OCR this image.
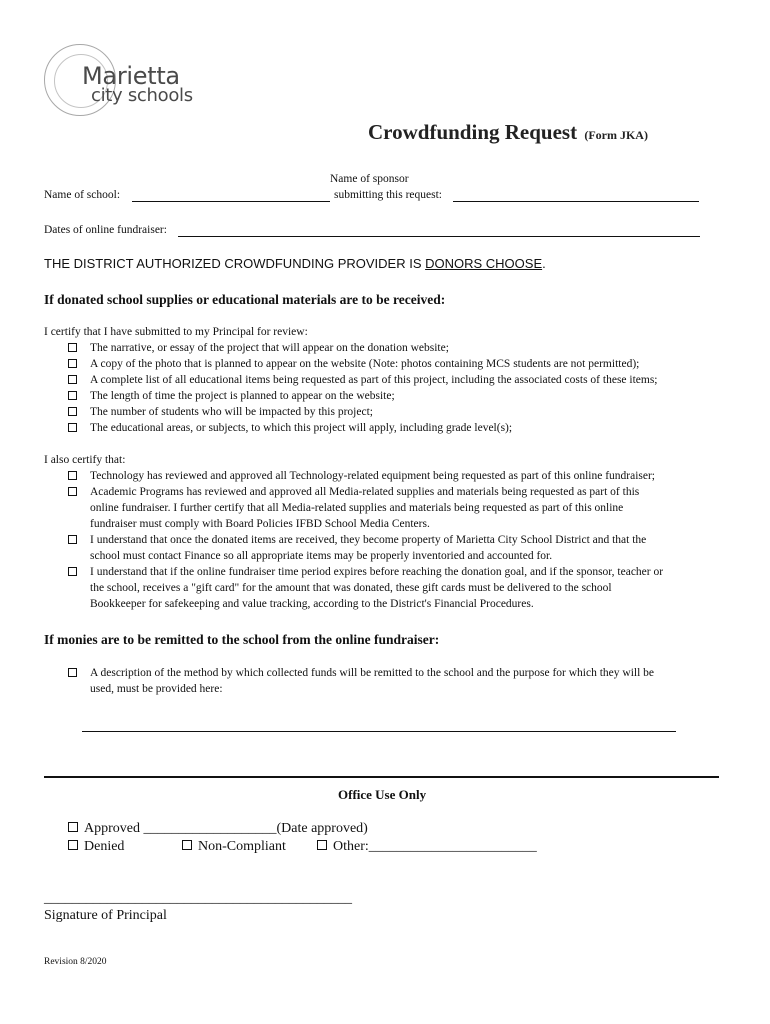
Marietta
city schools
Crowdfunding Request (Form JKA)
Name of sponsor
Name of school:	submitting this request:
Dates of online fundraiser:
THE DISTRICT AUTHORIZED CROWDFUNDING PROVIDER IS DONORS CHOOSE.
If donated school supplies or educational materials are to be received:
I certify that I have submitted to my Principal for review:
The narrative, or essay of the project that will appear on the donation website;
A copy of the photo that is planned to appear on the website (Note: photos containing MCS students are not permitted);
A complete list of all educational items being requested as part of this project, including the associated costs of these items;
The length of time the project is planned to appear on the website;
The number of students who will be impacted by this project;
The educational areas, or subjects, to which this project will apply, including grade level(s);
I also certify that:
Technology has reviewed and approved all Technology-related equipment being requested as part of this online fundraiser;
Academic Programs has reviewed and approved all Media-related supplies and materials being requested as part of this
online fundraiser. I further certify that all Media-related supplies and materials being requested as part of this online
fundraiser must comply with Board Policies IFBD School Media Centers.
I understand that once the donated items are received, they become property of Marietta City School District and that the
school must contact Finance so all appropriate items may be properly inventoried and accounted for.
I understand that if the online fundraiser time period expires before reaching the donation goal, and if the sponsor, teacher or
the school, receives a "gift card" for the amount that was donated, these gift cards must be delivered to the school
Bookkeeper for safekeeping and value tracking, according to the District's Financial Procedures.
If monies are to be remitted to the school from the online fundraiser:
A description of the method by which collected funds will be remitted to the school and the purpose for which they will be
used, must be provided here:
Office Use Only
Approved ___________________(Date approved)
Denied	Non-Compliant	Other:________________________
____________________________________________
Signature of Principal
Revision 8/2020
